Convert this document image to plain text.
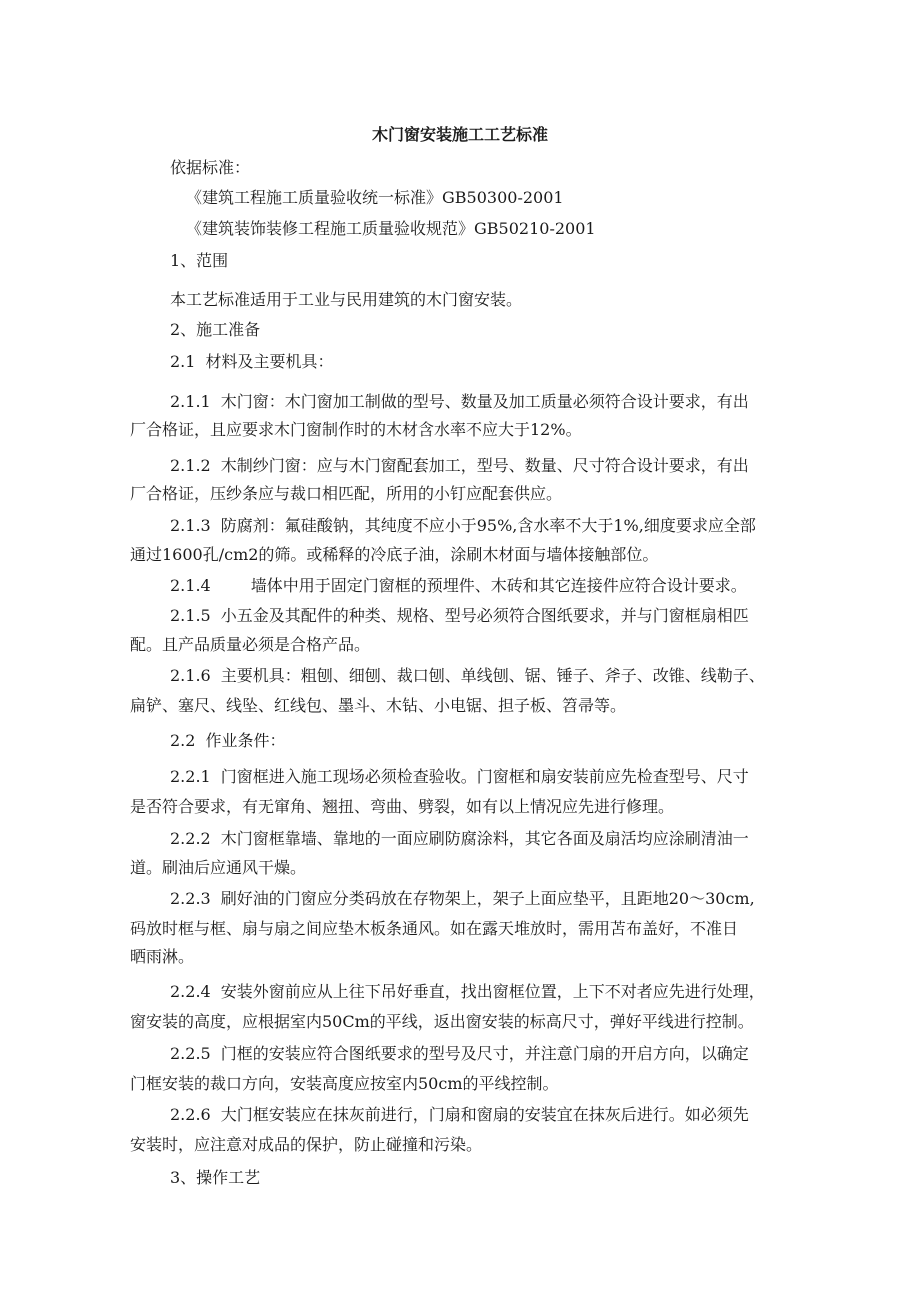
木门窗安装施工工艺标准
依据标准：
《建筑工程施工质量验收统一标准》GB50300-2001
《建筑装饰装修工程施工质量验收规范》GB50210-2001
1、范围
本工艺标准适用于工业与民用建筑的木门窗安装。
2、施工准备
2.1 材料及主要机具：
2.1.1 木门窗：木门窗加工制做的型号、数量及加工质量必须符合设计要求，有出
厂合格证，且应要求木门窗制作时的木材含水率不应大于12%。
2.1.2 木制纱门窗：应与木门窗配套加工，型号、数量、尺寸符合设计要求，有出
厂合格证，压纱条应与裁口相匹配，所用的小钉应配套供应。
2.1.3 防腐剂：氟硅酸钠，其纯度不应小于95%,含水率不大于1%,细度要求应全部
通过1600孔/cm2的筛。或稀释的冷底子油，涂刷木材面与墙体接触部位。
2.1.4	墙体中用于固定门窗框的预埋件、木砖和其它连接件应符合设计要求。
2.1.5 小五金及其配件的种类、规格、型号必须符合图纸要求，并与门窗框扇相匹
配。且产品质量必须是合格产品。
2.1.6 主要机具：粗刨、细刨、裁口刨、单线刨、锯、锤子、斧子、改锥、线勒子、
扁铲、塞尺、线坠、红线包、墨斗、木钻、小电锯、担子板、笤帚等。
2.2 作业条件：
2.2.1 门窗框进入施工现场必须检查验收。门窗框和扇安装前应先检查型号、尺寸
是否符合要求，有无窜角、翘扭、弯曲、劈裂，如有以上情况应先进行修理。
2.2.2 木门窗框靠墙、靠地的一面应刷防腐涂料，其它各面及扇活均应涂刷清油一
道。刷油后应通风干燥。
2.2.3 刷好油的门窗应分类码放在存物架上，架子上面应垫平，且距地20～30cm,
码放时框与框、扇与扇之间应垫木板条通风。如在露天堆放时，需用苫布盖好，不准日
晒雨淋。
2.2.4 安装外窗前应从上往下吊好垂直，找出窗框位置，上下不对者应先进行处理，
窗安装的高度，应根据室内50Cm的平线，返出窗安装的标高尺寸，弹好平线进行控制。
2.2.5 门框的安装应符合图纸要求的型号及尺寸，并注意门扇的开启方向，以确定
门框安装的裁口方向，安装高度应按室内50cm的平线控制。
2.2.6 大门框安装应在抹灰前进行，门扇和窗扇的安装宜在抹灰后进行。如必须先
安装时，应注意对成品的保护，防止碰撞和污染。
3、操作工艺
